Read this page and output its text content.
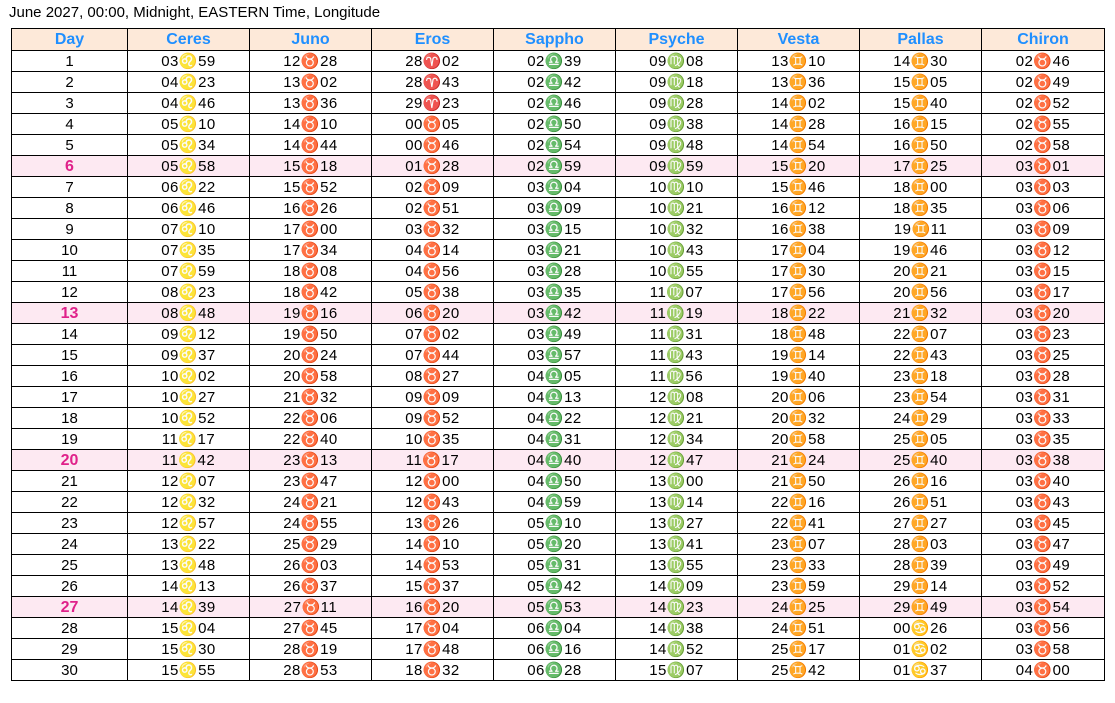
June 2027, 00:00, Midnight, EASTERN Time, Longitude
Day	Ceres	Juno	Eros	Sappho	Psyche	Vesta	Pallas	Chiron
1	03♌59	12♉28	28♈02	02♎39	09♍08	13♊10	14♊30	02♉46
2	04♌23	13♉02	28♈43	02♎42	09♍18	13♊36	15♊05	02♉49
3	04♌46	13♉36	29♈23	02♎46	09♍28	14♊02	15♊40	02♉52
4	05♌10	14♉10	00♉05	02♎50	09♍38	14♊28	16♊15	02♉55
5	05♌34	14♉44	00♉46	02♎54	09♍48	14♊54	16♊50	02♉58
6	05♌58	15♉18	01♉28	02♎59	09♍59	15♊20	17♊25	03♉01
7	06♌22	15♉52	02♉09	03♎04	10♍10	15♊46	18♊00	03♉03
8	06♌46	16♉26	02♉51	03♎09	10♍21	16♊12	18♊35	03♉06
9	07♌10	17♉00	03♉32	03♎15	10♍32	16♊38	19♊11	03♉09
10	07♌35	17♉34	04♉14	03♎21	10♍43	17♊04	19♊46	03♉12
11	07♌59	18♉08	04♉56	03♎28	10♍55	17♊30	20♊21	03♉15
12	08♌23	18♉42	05♉38	03♎35	11♍07	17♊56	20♊56	03♉17
13	08♌48	19♉16	06♉20	03♎42	11♍19	18♊22	21♊32	03♉20
14	09♌12	19♉50	07♉02	03♎49	11♍31	18♊48	22♊07	03♉23
15	09♌37	20♉24	07♉44	03♎57	11♍43	19♊14	22♊43	03♉25
16	10♌02	20♉58	08♉27	04♎05	11♍56	19♊40	23♊18	03♉28
17	10♌27	21♉32	09♉09	04♎13	12♍08	20♊06	23♊54	03♉31
18	10♌52	22♉06	09♉52	04♎22	12♍21	20♊32	24♊29	03♉33
19	11♌17	22♉40	10♉35	04♎31	12♍34	20♊58	25♊05	03♉35
20	11♌42	23♉13	11♉17	04♎40	12♍47	21♊24	25♊40	03♉38
21	12♌07	23♉47	12♉00	04♎50	13♍00	21♊50	26♊16	03♉40
22	12♌32	24♉21	12♉43	04♎59	13♍14	22♊16	26♊51	03♉43
23	12♌57	24♉55	13♉26	05♎10	13♍27	22♊41	27♊27	03♉45
24	13♌22	25♉29	14♉10	05♎20	13♍41	23♊07	28♊03	03♉47
25	13♌48	26♉03	14♉53	05♎31	13♍55	23♊33	28♊39	03♉49
26	14♌13	26♉37	15♉37	05♎42	14♍09	23♊59	29♊14	03♉52
27	14♌39	27♉11	16♉20	05♎53	14♍23	24♊25	29♊49	03♉54
28	15♌04	27♉45	17♉04	06♎04	14♍38	24♊51	00♋26	03♉56
29	15♌30	28♉19	17♉48	06♎16	14♍52	25♊17	01♋02	03♉58
30	15♌55	28♉53	18♉32	06♎28	15♍07	25♊42	01♋37	04♉00
